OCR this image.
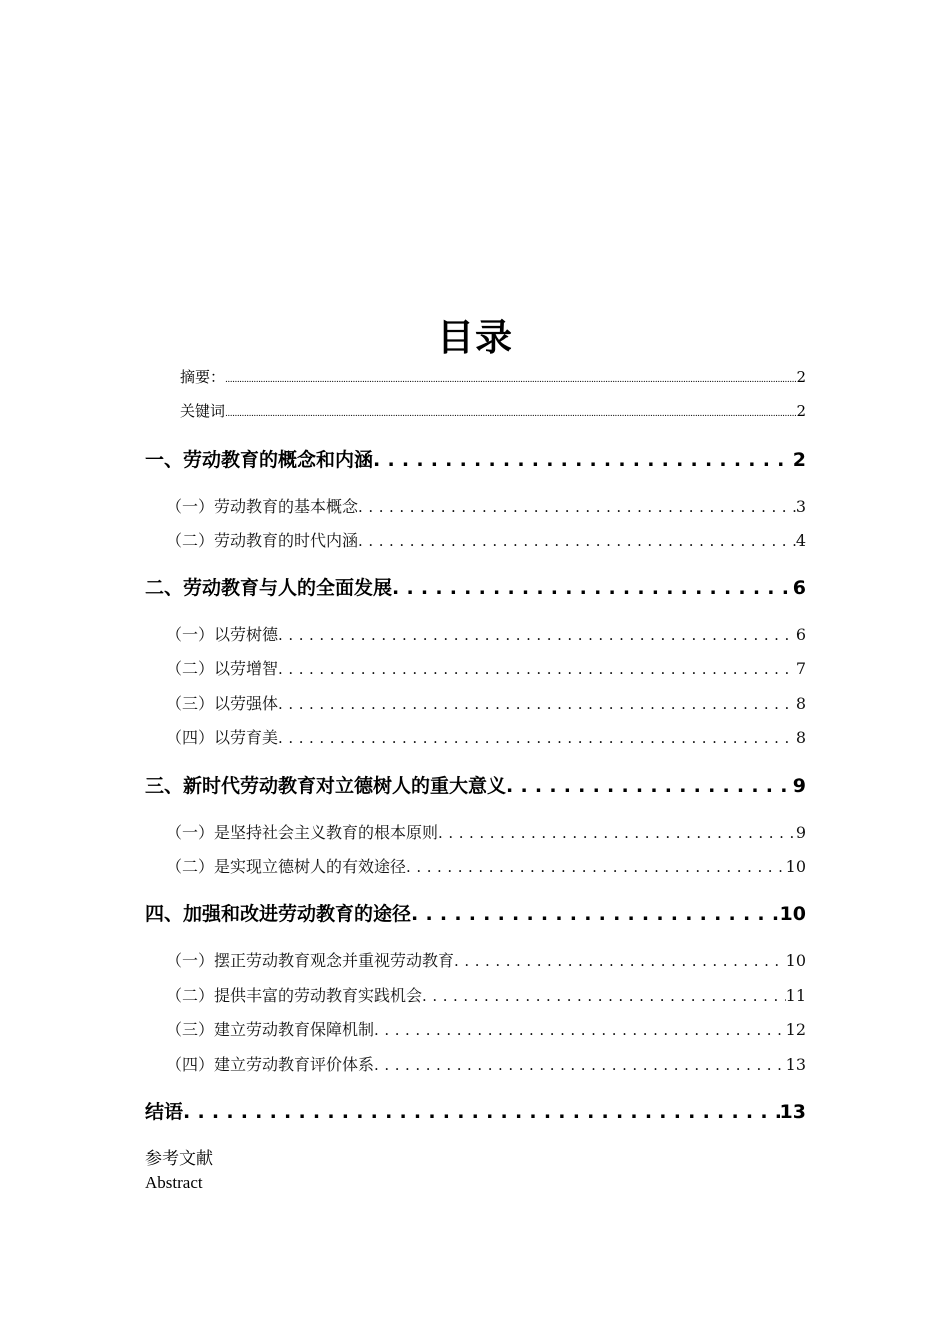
目录
摘要： .....	2
关键词 .....	2
一、劳动教育的概念和内涵 . . .	2
（一）劳动教育的基本概念 . . .	3
（二）劳动教育的时代内涵 . . .	4
二、劳动教育与人的全面发展 . . .	6
（一）以劳树德 . . .	6
（二）以劳增智 . . .	7
（三）以劳强体 . . .	8
（四）以劳育美 . . .	8
三、新时代劳动教育对立德树人的重大意义 . . .	9
（一）是坚持社会主义教育的根本原则 . . .	9
（二）是实现立德树人的有效途径 . . .	10
四、加强和改进劳动教育的途径 . . .	10
（一）摆正劳动教育观念并重视劳动教育 . . .	10
（二）提供丰富的劳动教育实践机会 . . .	11
（三）建立劳动教育保障机制 . . .	12
（四）建立劳动教育评价体系 . . .	13
结语 . . .	13
参考文献
Abstract
